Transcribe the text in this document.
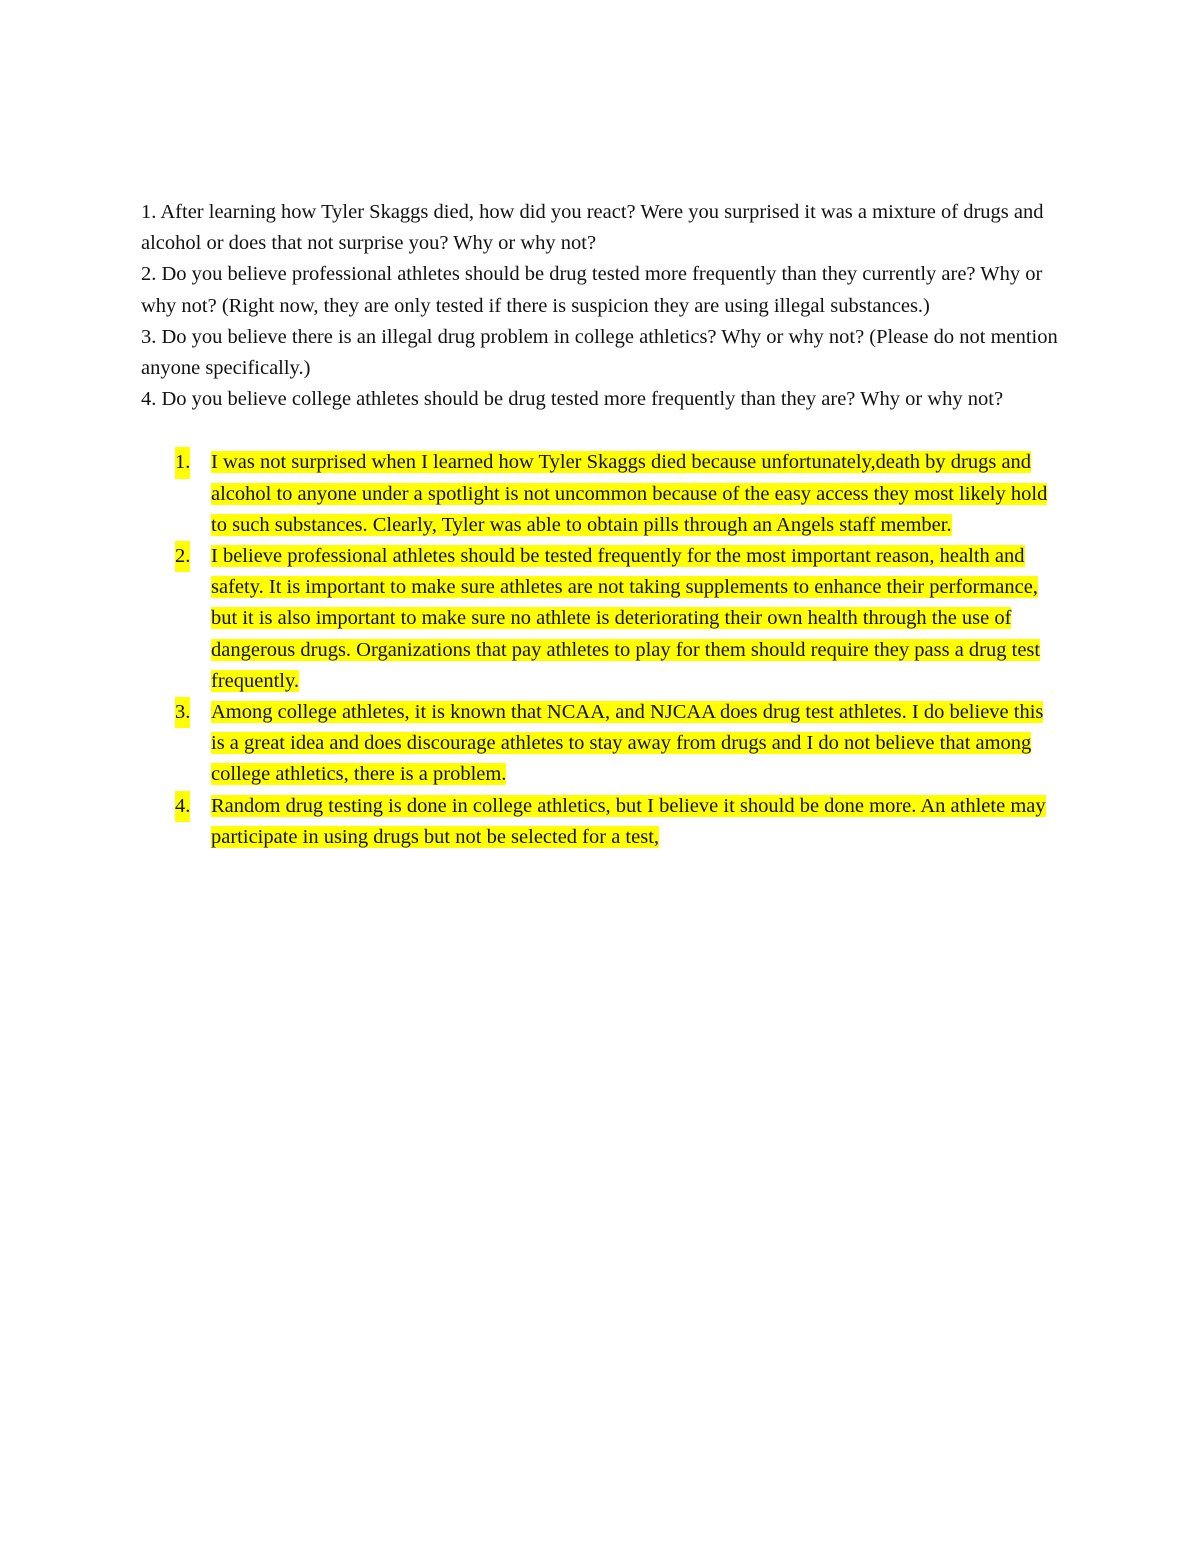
1. After learning how Tyler Skaggs died, how did you react? Were you surprised it was a mixture of drugs and alcohol or does that not surprise you? Why or why not?

2. Do you believe professional athletes should be drug tested more frequently than they currently are? Why or why not? (Right now, they are only tested if there is suspicion they are using illegal substances.)

3. Do you believe there is an illegal drug problem in college athletics? Why or why not? (Please do not mention anyone specifically.)

4. Do you believe college athletes should be drug tested more frequently than they are? Why or why not?

1. I was not surprised when I learned how Tyler Skaggs died because unfortunately,death by drugs and alcohol to anyone under a spotlight is not uncommon because of the easy access they most likely hold to such substances. Clearly, Tyler was able to obtain pills through an Angels staff member.
2. I believe professional athletes should be tested frequently for the most important reason, health and safety. It is important to make sure athletes are not taking supplements to enhance their performance, but it is also important to make sure no athlete is deteriorating their own health through the use of dangerous drugs. Organizations that pay athletes to play for them should require they pass a drug test frequently.
3. Among college athletes, it is known that NCAA, and NJCAA does drug test athletes. I do believe this is a great idea and does discourage athletes to stay away from drugs and I do not believe that among college athletics, there is a problem.
4. Random drug testing is done in college athletics, but I believe it should be done more. An athlete may participate in using drugs but not be selected for a test,
